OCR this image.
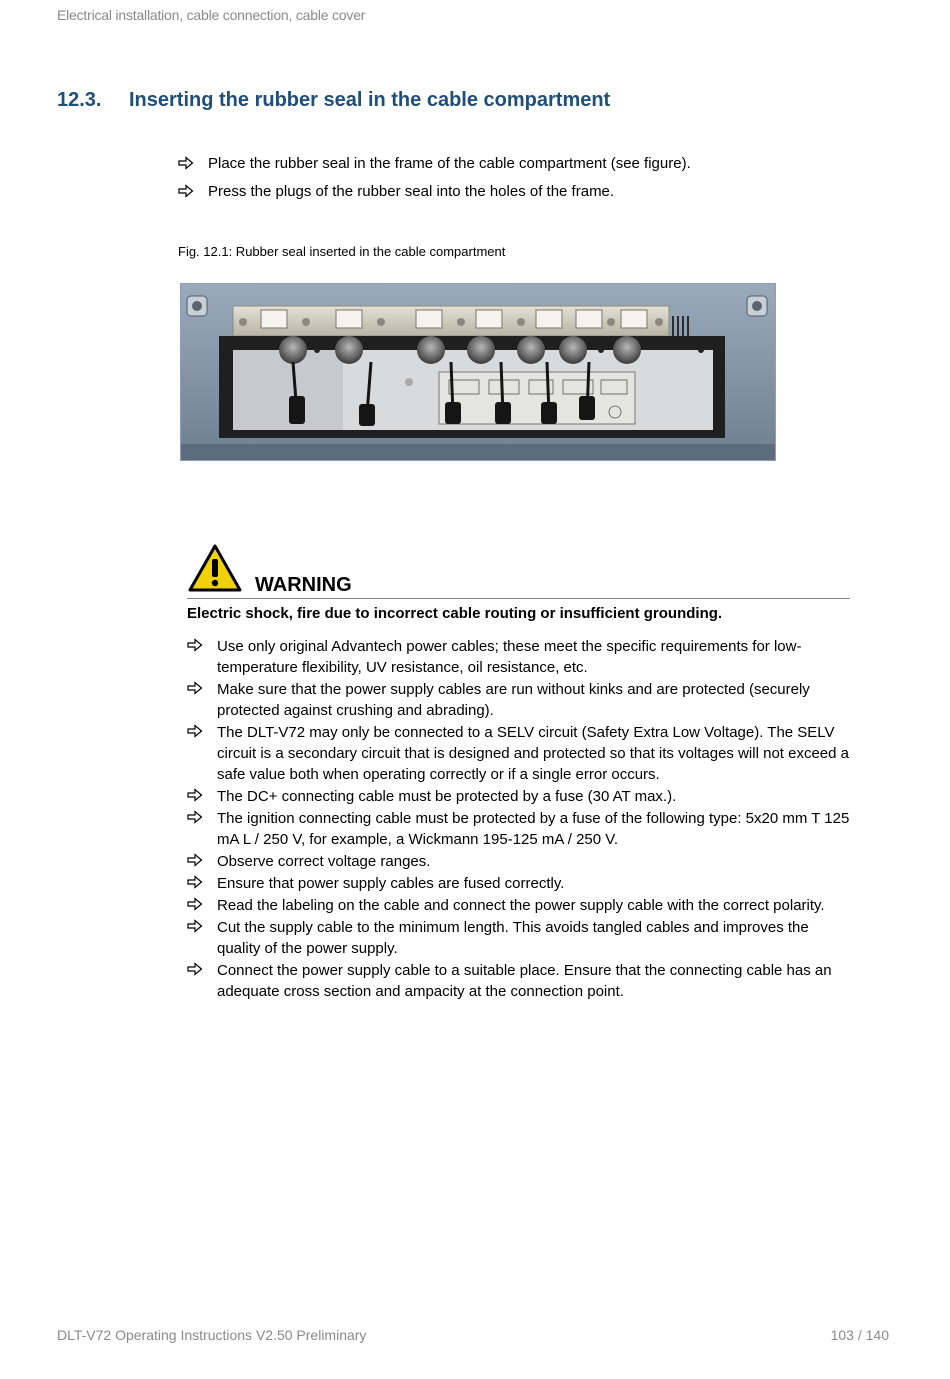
Electrical installation, cable connection, cable cover
12.3. Inserting the rubber seal in the cable compartment
Place the rubber seal in the frame of the cable compartment (see figure).
Press the plugs of the rubber seal into the holes of the frame.
Fig. 12.1: Rubber seal inserted in the cable compartment
WARNING
Electric shock, fire due to incorrect cable routing or insufficient grounding.
Use only original Advantech power cables; these meet the specific requirements for low-temperature flexibility, UV resistance, oil resistance, etc.
Make sure that the power supply cables are run without kinks and are protected (securely protected against crushing and abrading).
The DLT-V72 may only be connected to a SELV circuit (Safety Extra Low Voltage). The SELV circuit is a secondary circuit that is designed and protected so that its voltages will not exceed a safe value both when operating correctly or if a single error occurs.
The DC+ connecting cable must be protected by a fuse (30 AT max.).
The ignition connecting cable must be protected by a fuse of the following type: 5x20 mm T 125 mA L / 250 V, for example, a Wickmann 195-125 mA / 250 V.
Observe correct voltage ranges.
Ensure that power supply cables are fused correctly.
Read the labeling on the cable and connect the power supply cable with the correct polarity.
Cut the supply cable to the minimum length. This avoids tangled cables and improves the quality of the power supply.
Connect the power supply cable to a suitable place. Ensure that the connecting cable has an adequate cross section and ampacity at the connection point.
DLT-V72 Operating Instructions V2.50 Preliminary	103 / 140
